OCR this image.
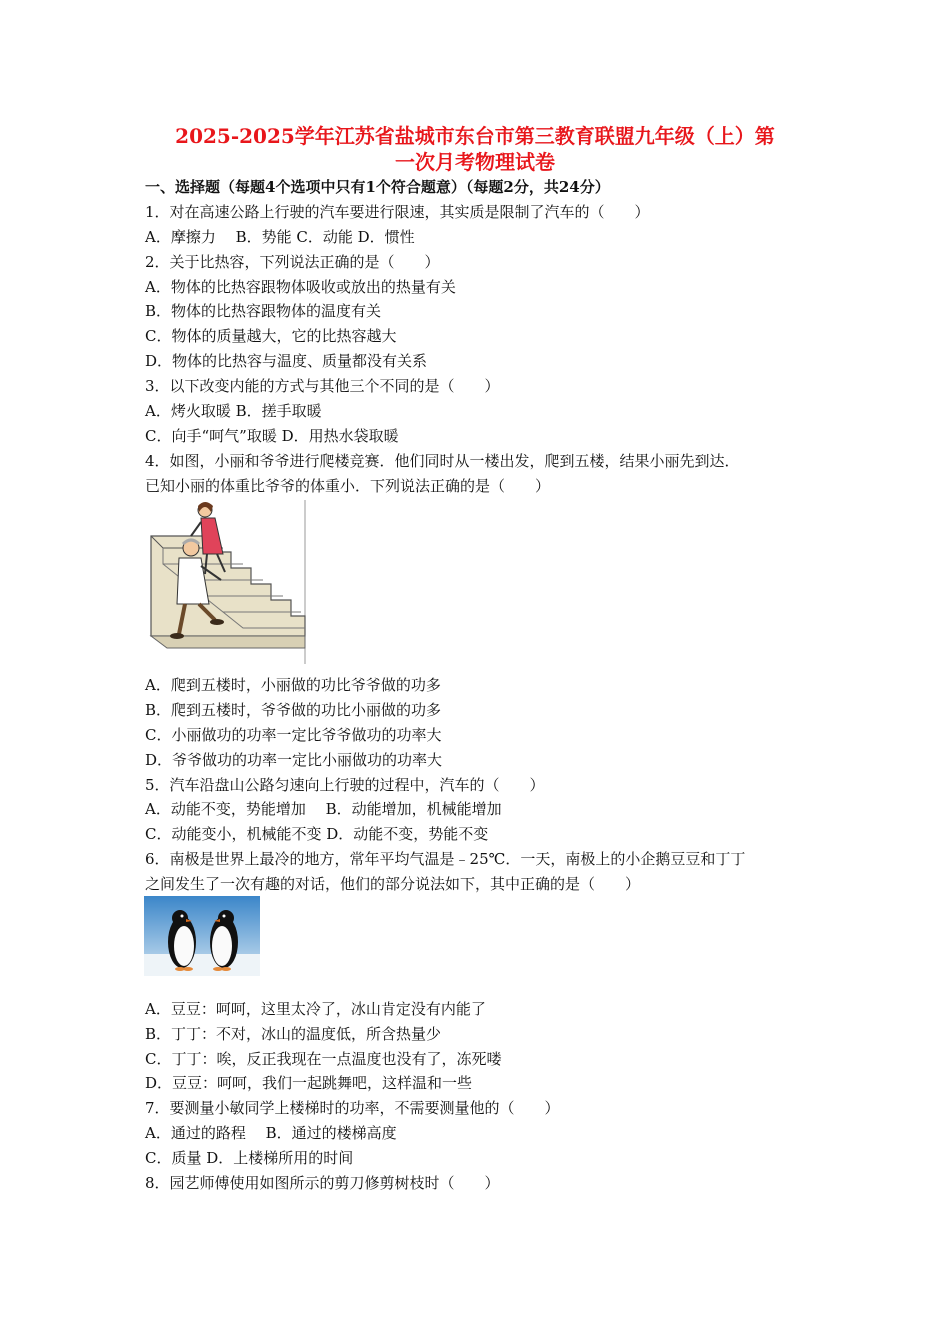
2025-2025学年江苏省盐城市东台市第三教育联盟九年级（上）第
一次月考物理试卷
一、选择题（每题4个选项中只有1个符合题意）（每题2分，共24分）
1．对在高速公路上行驶的汽车要进行限速，其实质是限制了汽车的（　　）
A．摩擦力　 B．势能 C．动能 D．惯性
2．关于比热容，下列说法正确的是（　　）
A．物体的比热容跟物体吸收或放出的热量有关
B．物体的比热容跟物体的温度有关
C．物体的质量越大，它的比热容越大
D．物体的比热容与温度、质量都没有关系
3．以下改变内能的方式与其他三个不同的是（　　）
A．烤火取暖 B．搓手取暖
C．向手“呵气”取暖 D．用热水袋取暖
4．如图，小丽和爷爷进行爬楼竞赛．他们同时从一楼出发，爬到五楼，结果小丽先到达．
已知小丽的体重比爷爷的体重小．下列说法正确的是（　　）
A．爬到五楼时，小丽做的功比爷爷做的功多
B．爬到五楼时，爷爷做的功比小丽做的功多
C．小丽做功的功率一定比爷爷做功的功率大
D．爷爷做功的功率一定比小丽做功的功率大
5．汽车沿盘山公路匀速向上行驶的过程中，汽车的（　　）
A．动能不变，势能增加　 B．动能增加，机械能增加
C．动能变小，机械能不变 D．动能不变，势能不变
6．南极是世界上最冷的地方，常年平均气温是﹣25℃．一天，南极上的小企鹅豆豆和丁丁
之间发生了一次有趣的对话，他们的部分说法如下，其中正确的是（　　）
A．豆豆：呵呵，这里太冷了，冰山肯定没有内能了
B．丁丁：不对，冰山的温度低，所含热量少
C．丁丁：唉，反正我现在一点温度也没有了，冻死喽
D．豆豆：呵呵，我们一起跳舞吧，这样温和一些
7．要测量小敏同学上楼梯时的功率，不需要测量他的（　　）
A．通过的路程　 B．通过的楼梯高度
C．质量 D．上楼梯所用的时间
8．园艺师傅使用如图所示的剪刀修剪树枝时（　　）
